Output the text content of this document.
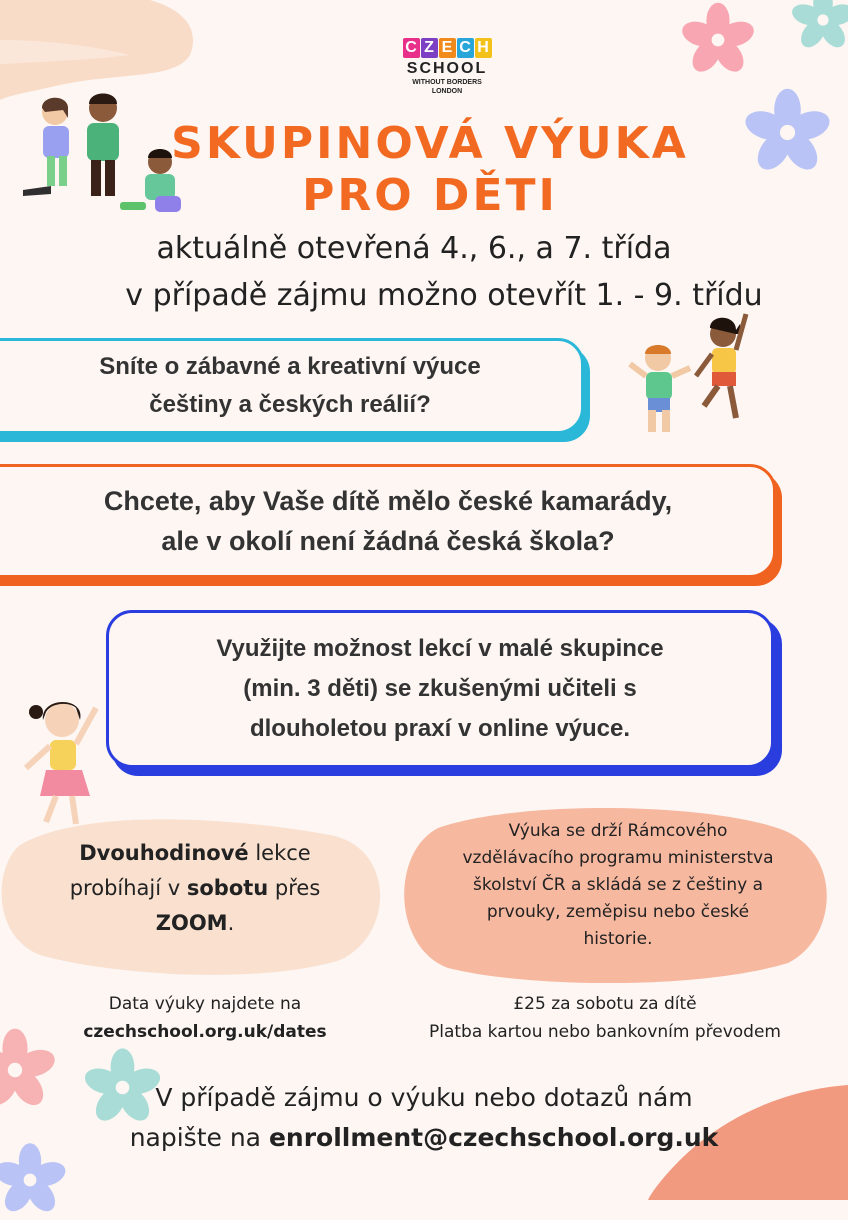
C Z E C H
SCHOOL
WITHOUT BORDERS
LONDON
SKUPINOVÁ VÝUKA
PRO DĚTI
aktuálně otevřená 4., 6., a 7. třída
v případě zájmu možno otevřít 1. - 9. třídu
Sníte o zábavné a kreativní výuce
češtiny a českých reálií?
Chcete, aby Vaše dítě mělo české kamarády,
ale v okolí není žádná česká škola?
Využijte možnost lekcí v malé skupince
(min. 3 děti) se zkušenými učiteli s
dlouholetou praxí v online výuce.
Dvouhodinové lekce
probíhají v sobotu přes
ZOOM.
Výuka se drží Rámcového
vzdělávacího programu ministerstva
školství ČR a skládá se z češtiny a
prvouky, zeměpisu nebo české
historie.
Data výuky najdete na
czechschool.org.uk/dates
£25 za sobotu za dítě
Platba kartou nebo bankovním převodem
V případě zájmu o výuku nebo dotazů nám
napište na enrollment@czechschool.org.uk
